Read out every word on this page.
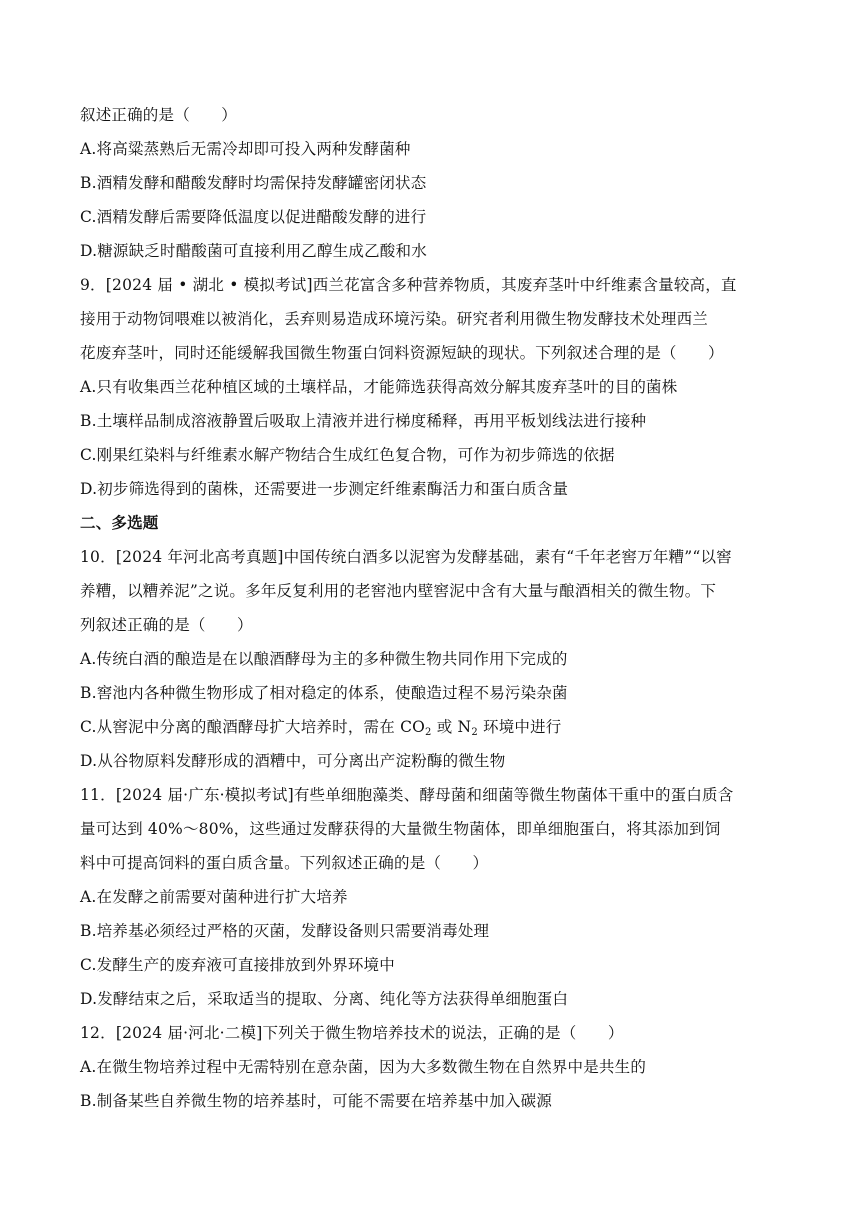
叙述正确的是（　　）
A.将高粱蒸熟后无需冷却即可投入两种发酵菌种
B.酒精发酵和醋酸发酵时均需保持发酵罐密闭状态
C.酒精发酵后需要降低温度以促进醋酸发酵的进行
D.糖源缺乏时醋酸菌可直接利用乙醇生成乙酸和水
9．[2024 届 • 湖北 • 模拟考试]西兰花富含多种营养物质，其废弃茎叶中纤维素含量较高，直
接用于动物饲喂难以被消化，丢弃则易造成环境污染。研究者利用微生物发酵技术处理西兰
花废弃茎叶，同时还能缓解我国微生物蛋白饲料资源短缺的现状。下列叙述合理的是（　　）
A.只有收集西兰花种植区域的土壤样品，才能筛选获得高效分解其废弃茎叶的目的菌株
B.土壤样品制成溶液静置后吸取上清液并进行梯度稀释，再用平板划线法进行接种
C.刚果红染料与纤维素水解产物结合生成红色复合物，可作为初步筛选的依据
D.初步筛选得到的菌株，还需要进一步测定纤维素酶活力和蛋白质含量
二、多选题
10．[2024 年河北高考真题]中国传统白酒多以泥窖为发酵基础，素有“千年老窖万年糟”“以窖
养糟，以糟养泥”之说。多年反复利用的老窖池内壁窖泥中含有大量与酿酒相关的微生物。下
列叙述正确的是（　　）
A.传统白酒的酿造是在以酿酒酵母为主的多种微生物共同作用下完成的
B.窖池内各种微生物形成了相对稳定的体系，使酿造过程不易污染杂菌
C.从窖泥中分离的酿酒酵母扩大培养时，需在 $CO_2$ 或 $N_2$ 环境中进行
D.从谷物原料发酵形成的酒糟中，可分离出产淀粉酶的微生物
11．[2024 届·广东·模拟考试]有些单细胞藻类、酵母菌和细菌等微生物菌体干重中的蛋白质含
量可达到 40%～80%，这些通过发酵获得的大量微生物菌体，即单细胞蛋白，将其添加到饲
料中可提高饲料的蛋白质含量。下列叙述正确的是（　　）
A.在发酵之前需要对菌种进行扩大培养
B.培养基必须经过严格的灭菌，发酵设备则只需要消毒处理
C.发酵生产的废弃液可直接排放到外界环境中
D.发酵结束之后，采取适当的提取、分离、纯化等方法获得单细胞蛋白
12．[2024 届·河北·二模]下列关于微生物培养技术的说法，正确的是（　　）
A.在微生物培养过程中无需特别在意杂菌，因为大多数微生物在自然界中是共生的
B.制备某些自养微生物的培养基时，可能不需要在培养基中加入碳源
